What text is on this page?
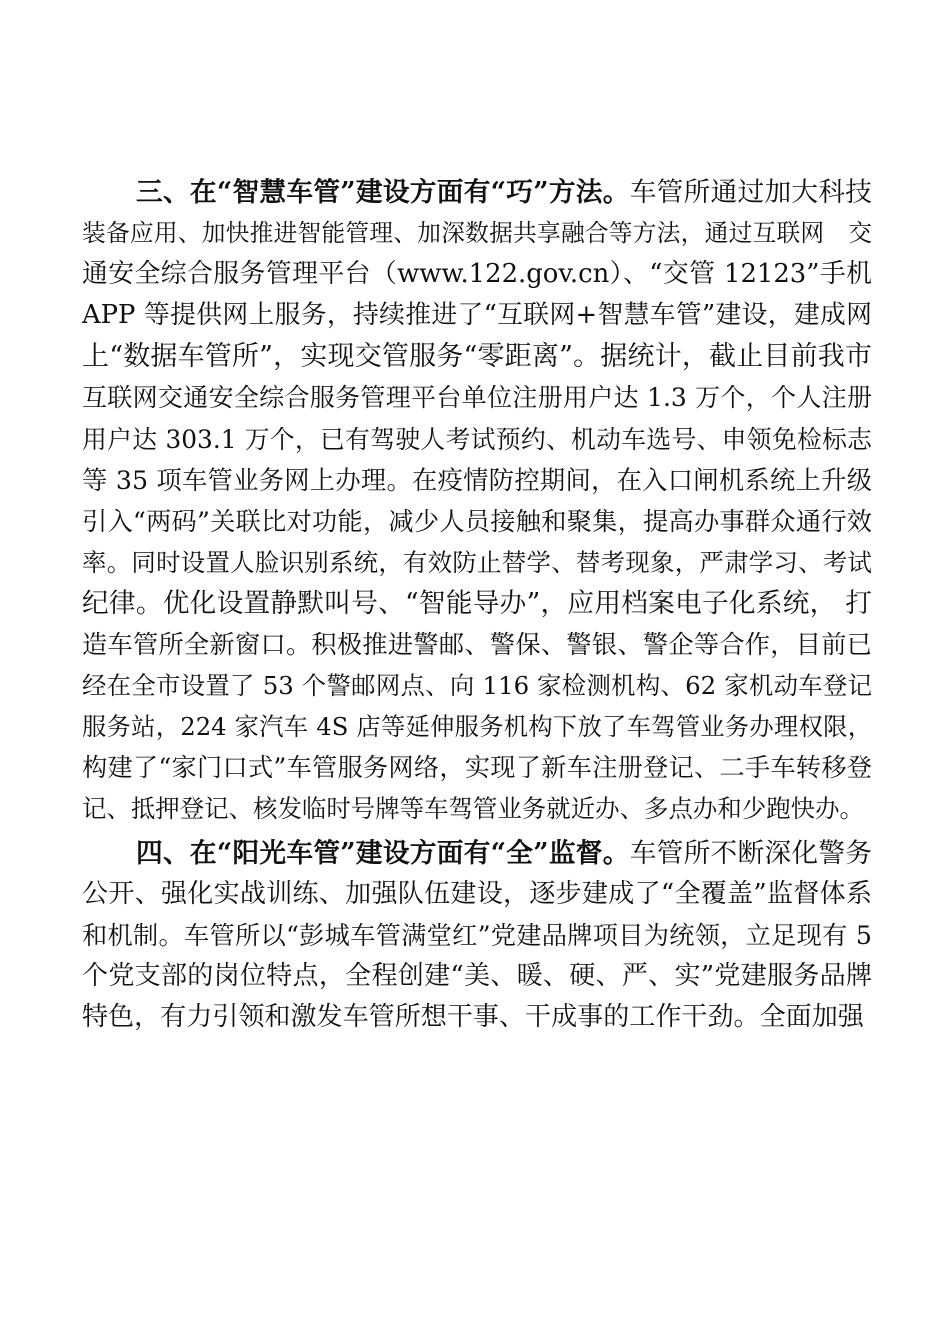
三、在“智慧车管”建设方面有“巧”方法。车管所通过加大科技
装备应用、加快推进智能管理、加深数据共享融合等方法，通过互联网　交
通安全综合服务管理平台（www.122.gov.cn）、“交管 12123”手机
APP 等提供网上服务，持续推进了“互联网+智慧车管”建设，建成网
上“数据车管所”，实现交管服务“零距离”。据统计，截止目前我市
互联网交通安全综合服务管理平台单位注册用户达 1.3 万个，个人注册
用户达 303.1 万个，已有驾驶人考试预约、机动车选号、申领免检标志
等 35 项车管业务网上办理。在疫情防控期间，在入口闸机系统上升级
引入“两码”关联比对功能，减少人员接触和聚集，提高办事群众通行效
率。同时设置人脸识别系统，有效防止替学、替考现象，严肃学习、考试
纪律。优化设置静默叫号、“智能导办”，应用档案电子化系统， 打
造车管所全新窗口。积极推进警邮、警保、警银、警企等合作，目前已
经在全市设置了 53 个警邮网点、向 116 家检测机构、62 家机动车登记
服务站，224 家汽车 4S 店等延伸服务机构下放了车驾管业务办理权限，
构建了“家门口式”车管服务网络，实现了新车注册登记、二手车转移登
记、抵押登记、核发临时号牌等车驾管业务就近办、多点办和少跑快办。
四、在“阳光车管”建设方面有“全”监督。车管所不断深化警务
公开、强化实战训练、加强队伍建设，逐步建成了“全覆盖”监督体系
和机制。车管所以“彭城车管满堂红”党建品牌项目为统领，立足现有 5
个党支部的岗位特点，全程创建“美、暖、硬、严、实”党建服务品牌
特色，有力引领和激发车管所想干事、干成事的工作干劲。全面加强
